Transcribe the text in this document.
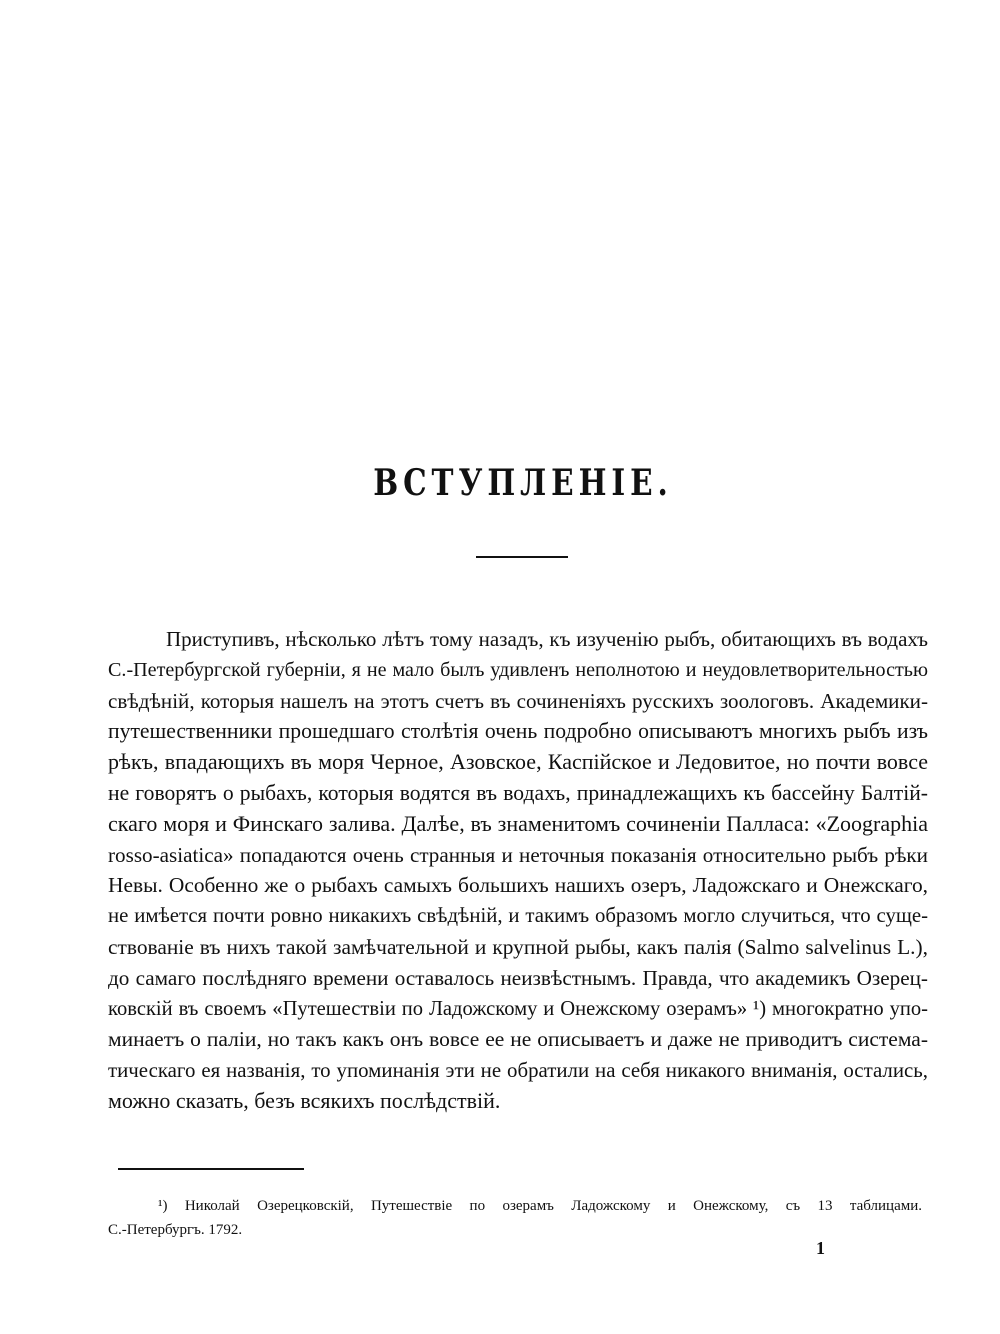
ВСТУПЛЕНІЕ.
Приступивъ, нѣсколько лѣтъ тому назадъ, къ изученію рыбъ, обитающихъ въ водахъ
С.-Петербургской губерніи, я не мало былъ удивленъ неполнотою и неудовлетворительностью
свѣдѣній, которыя нашелъ на этотъ счетъ въ сочиненіяхъ русскихъ зоологовъ. Академики-
путешественники прошедшаго столѣтія очень подробно описываютъ многихъ рыбъ изъ
рѣкъ, впадающихъ въ моря Черное, Азовское, Каспійское и Ледовитое, но почти вовсе
не говорятъ о рыбахъ, которыя водятся въ водахъ, принадлежащихъ къ бассейну Балтій-
скаго моря и Финскаго залива. Далѣе, въ знаменитомъ сочиненіи Палласа: «Zoographia
rosso-asiatica» попадаются очень странныя и неточныя показанія относительно рыбъ рѣки
Невы. Особенно же о рыбахъ самыхъ большихъ нашихъ озеръ, Ладожскаго и Онежскаго,
не имѣется почти ровно никакихъ свѣдѣній, и такимъ образомъ могло случиться, что суще-
ствованіе въ нихъ такой замѣчательной и крупной рыбы, какъ палія (Salmo salvelinus L.),
до самаго послѣдняго времени оставалось неизвѣстнымъ. Правда, что академикъ Озерец-
ковскій въ своемъ «Путешествіи по Ладожскому и Онежскому озерамъ» ¹) многократно упо-
минаетъ о паліи, но такъ какъ онъ вовсе ее не описываетъ и даже не приводитъ система-
тическаго ея названія, то упоминанія эти не обратили на себя никакого вниманія, остались,
можно сказать, безъ всякихъ послѣдствій.
¹) Николай Озерецковскій, Путешествіе по озерамъ Ладожскому и Онежскому, съ 13 таблицами.
С.-Петербургъ. 1792.
1
